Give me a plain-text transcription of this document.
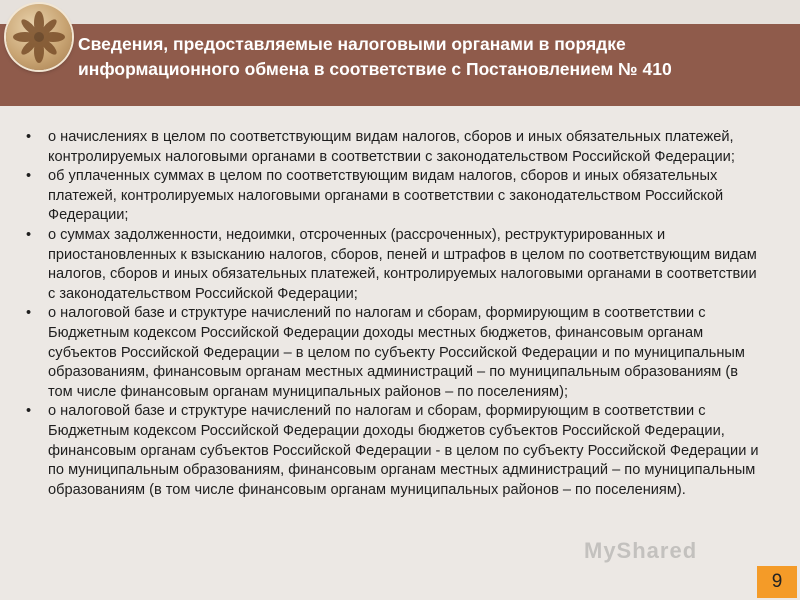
Сведения, предоставляемые налоговыми органами в порядке информационного обмена в соответствие с Постановлением № 410
•	о начислениях в целом по соответствующим видам налогов, сборов и иных обязательных платежей, контролируемых налоговыми органами в соответствии с законодательством Российской Федерации;
•	об уплаченных суммах в целом по соответствующим видам налогов, сборов и иных обязательных платежей, контролируемых налоговыми органами в соответствии с законодательством Российской Федерации;
•	о суммах задолженности, недоимки, отсроченных (рассроченных), реструктурированных и приостановленных к взысканию налогов, сборов, пеней и штрафов в целом по соответствующим видам налогов, сборов и иных обязательных платежей, контролируемых налоговыми органами в соответствии с законодательством Российской Федерации;
•	о налоговой базе и структуре начислений по налогам и сборам, формирующим в соответствии с Бюджетным кодексом Российской Федерации доходы местных бюджетов, финансовым органам субъектов Российской Федерации – в целом по субъекту Российской Федерации и по муниципальным образованиям, финансовым органам местных администраций – по муниципальным образованиям (в том числе финансовым органам муниципальных районов – по поселениям);
•	о налоговой базе и структуре начислений по налогам и сборам, формирующим в соответствии с Бюджетным кодексом Российской Федерации доходы бюджетов субъектов Российской Федерации, финансовым органам субъектов Российской Федерации - в целом по субъекту Российской Федерации и по муниципальным образованиям, финансовым органам местных администраций – по муниципальным образованиям (в том числе финансовым органам муниципальных районов – по поселениям).
MyShared
9
